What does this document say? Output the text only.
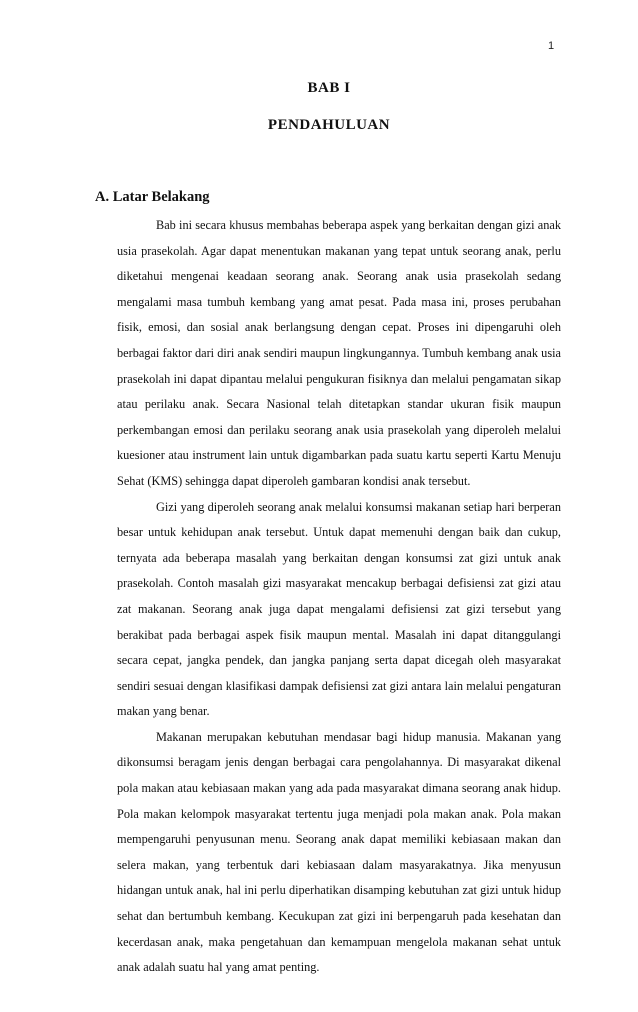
1
BAB I
PENDAHULUAN
A. Latar Belakang

Bab ini secara khusus membahas beberapa aspek yang berkaitan dengan gizi anak usia prasekolah. Agar dapat menentukan makanan yang tepat untuk seorang anak, perlu diketahui mengenai keadaan seorang anak. Seorang anak usia prasekolah sedang mengalami masa tumbuh kembang yang amat pesat. Pada masa ini, proses perubahan fisik, emosi, dan sosial anak berlangsung dengan cepat. Proses ini dipengaruhi oleh berbagai faktor dari diri anak sendiri maupun lingkungannya. Tumbuh kembang anak usia prasekolah ini dapat dipantau melalui pengukuran fisiknya dan melalui pengamatan sikap atau perilaku anak. Secara Nasional telah ditetapkan standar ukuran fisik maupun perkembangan emosi dan perilaku seorang anak usia prasekolah yang diperoleh melalui kuesioner atau instrument lain untuk digambarkan pada suatu kartu seperti Kartu Menuju Sehat (KMS) sehingga dapat diperoleh gambaran kondisi anak tersebut.

Gizi yang diperoleh seorang anak melalui konsumsi makanan setiap hari berperan besar untuk kehidupan anak tersebut. Untuk dapat memenuhi dengan baik dan cukup, ternyata ada beberapa masalah yang berkaitan dengan konsumsi zat gizi untuk anak prasekolah. Contoh masalah gizi masyarakat mencakup berbagai defisiensi zat gizi atau zat makanan. Seorang anak juga dapat mengalami defisiensi zat gizi tersebut yang berakibat pada berbagai aspek fisik maupun mental. Masalah ini dapat ditanggulangi secara cepat, jangka pendek, dan jangka panjang serta dapat dicegah oleh masyarakat sendiri sesuai dengan klasifikasi dampak defisiensi zat gizi antara lain melalui pengaturan makan yang benar.

Makanan merupakan kebutuhan mendasar bagi hidup manusia. Makanan yang dikonsumsi beragam jenis dengan berbagai cara pengolahannya. Di masyarakat dikenal pola makan atau kebiasaan makan yang ada pada masyarakat dimana seorang anak hidup. Pola makan kelompok masyarakat tertentu juga menjadi pola makan anak. Pola makan mempengaruhi penyusunan menu. Seorang anak dapat memiliki kebiasaan makan dan selera makan, yang terbentuk dari kebiasaan dalam masyarakatnya. Jika menyusun hidangan untuk anak, hal ini perlu diperhatikan disamping kebutuhan zat gizi untuk hidup sehat dan bertumbuh kembang. Kecukupan zat gizi ini berpengaruh pada kesehatan dan kecerdasan anak, maka pengetahuan dan kemampuan mengelola makanan sehat untuk anak adalah suatu hal yang amat penting.
